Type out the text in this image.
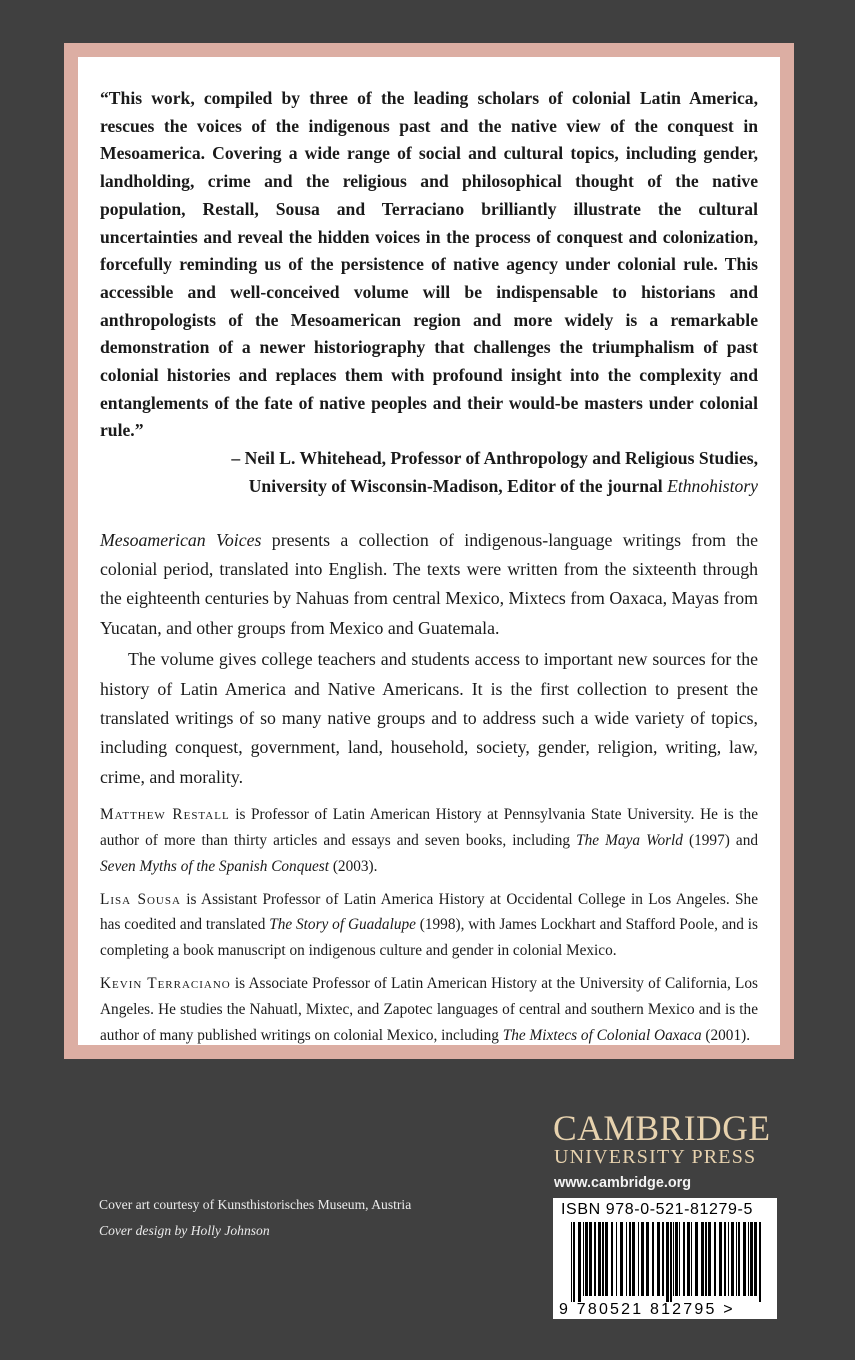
“This work, compiled by three of the leading scholars of colonial Latin America, rescues the voices of the indigenous past and the native view of the conquest in Mesoamerica. Covering a wide range of social and cultural topics, including gender, landholding, crime and the religious and philosophical thought of the native population, Restall, Sousa and Terraciano brilliantly illustrate the cultural uncertainties and reveal the hidden voices in the process of conquest and colonization, forcefully reminding us of the persistence of native agency under colonial rule. This accessible and well-conceived volume will be indispensable to historians and anthropologists of the Mesoamerican region and more widely is a remarkable demonstration of a newer historiography that challenges the triumphalism of past colonial histories and replaces them with profound insight into the complexity and entanglements of the fate of native peoples and their would-be masters under colonial rule.”

– Neil L. Whitehead, Professor of Anthropology and Religious Studies,

University of Wisconsin-Madison, Editor of the journal Ethnohistory

Mesoamerican Voices presents a collection of indigenous-language writings from the colonial period, translated into English. The texts were written from the sixteenth through the eighteenth centuries by Nahuas from central Mexico, Mixtecs from Oaxaca, Mayas from Yucatan, and other groups from Mexico and Guatemala.

The volume gives college teachers and students access to important new sources for the history of Latin America and Native Americans. It is the first collection to present the translated writings of so many native groups and to address such a wide variety of topics, including conquest, government, land, household, society, gender, religion, writing, law, crime, and morality.

Matthew Restall is Professor of Latin American History at Pennsylvania State University. He is the author of more than thirty articles and essays and seven books, including The Maya World (1997) and Seven Myths of the Spanish Conquest (2003).

Lisa Sousa is Assistant Professor of Latin America History at Occidental College in Los Angeles. She has coedited and translated The Story of Guadalupe (1998), with James Lockhart and Stafford Poole, and is completing a book manuscript on indigenous culture and gender in colonial Mexico.

Kevin Terraciano is Associate Professor of Latin American History at the University of California, Los Angeles. He studies the Nahuatl, Mixtec, and Zapotec languages of central and southern Mexico and is the author of many published writings on colonial Mexico, including The Mixtecs of Colonial Oaxaca (2001).

Cover art courtesy of Kunsthistorisches Museum, Austria
Cover design by Holly Johnson
CAMBRIDGE
UNIVERSITY PRESS
www.cambridge.org
ISBN 978-0-521-81279-5
9 780521 812795 >
